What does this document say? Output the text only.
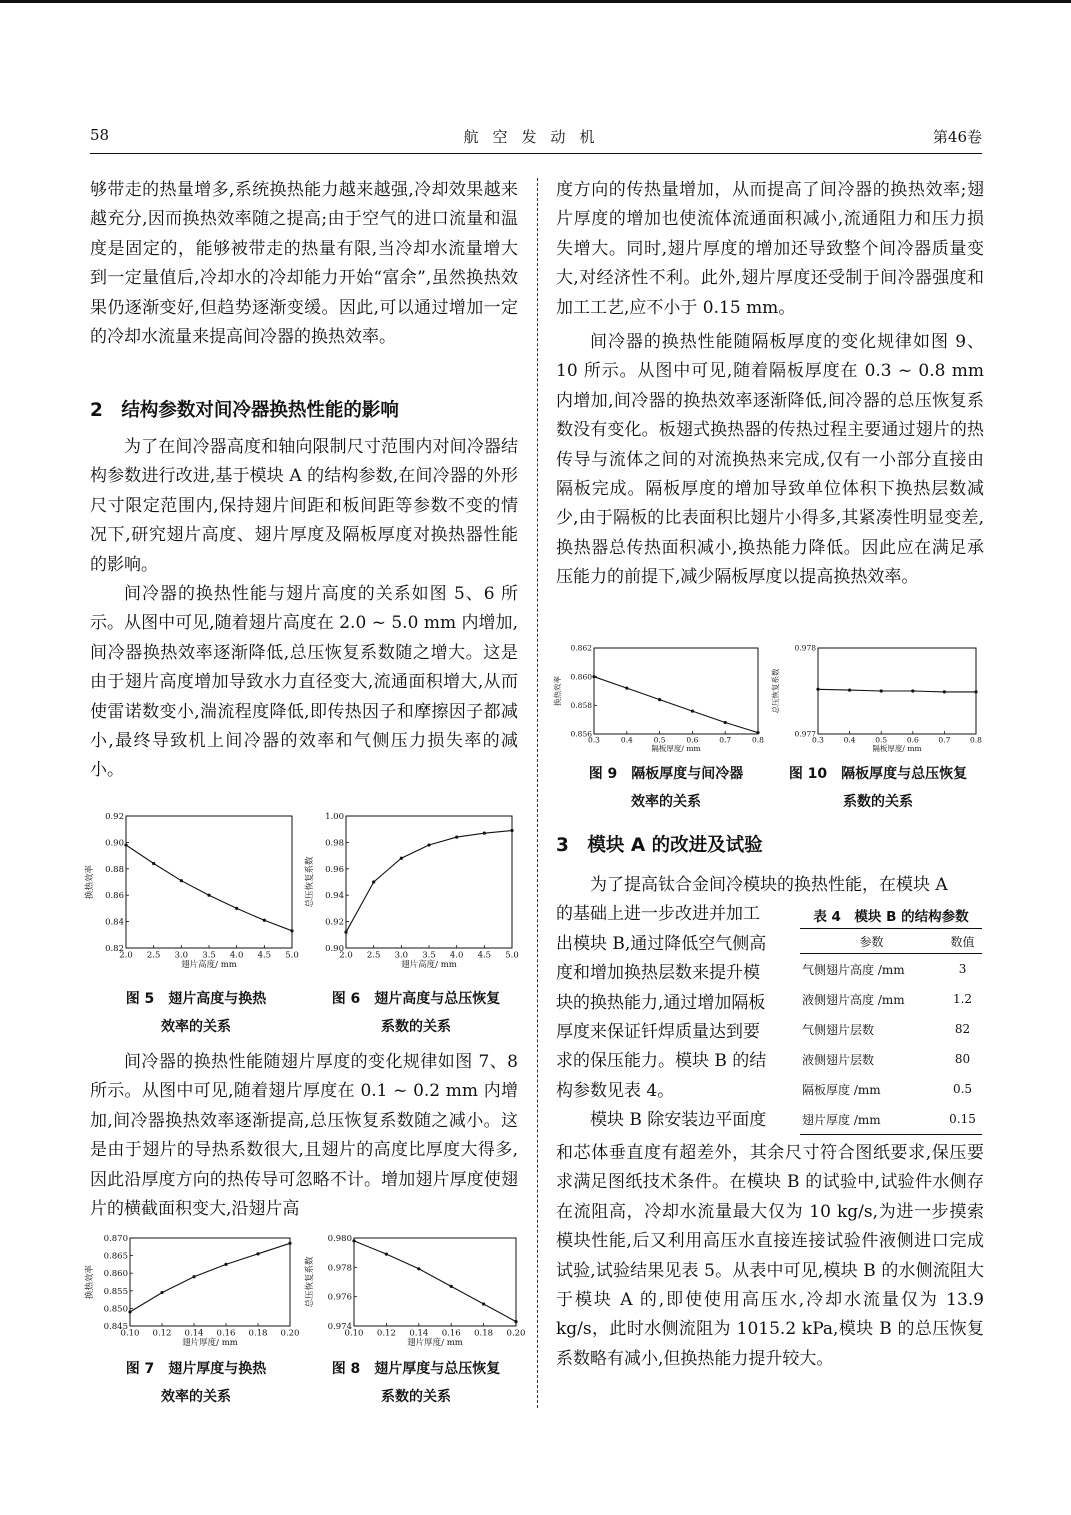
58	航空发动机	第46卷

够带走的热量增多,系统换热能力越来越强,冷却效果越来越充分,因而换热效率随之提高;由于空气的进口流量和温度是固定的，能够被带走的热量有限,当冷却水流量增大到一定量值后,冷却水的冷却能力开始“富余”,虽然换热效果仍逐渐变好,但趋势逐渐变缓。因此,可以通过增加一定的冷却水流量来提高间冷器的换热效率。

2　结构参数对间冷器换热性能的影响

为了在间冷器高度和轴向限制尺寸范围内对间冷器结构参数进行改进,基于模块 A 的结构参数,在间冷器的外形尺寸限定范围内,保持翅片间距和板间距等参数不变的情况下,研究翅片高度、翅片厚度及隔板厚度对换热器性能的影响。

间冷器的换热性能与翅片高度的关系如图 5、6 所示。从图中可见,随着翅片高度在 2.0 ~ 5.0 mm 内增加,间冷器换热效率逐渐降低,总压恢复系数随之增大。这是由于翅片高度增加导致水力直径变大,流通面积增大,从而使雷诺数变小,湍流程度降低,即传热因子和摩擦因子都减小,最终导致机上间冷器的效率和气侧压力损失率的减小。

2.0 2.5 3.0 3.5 4.0 4.5 5.0
0.82
0.84
0.86
0.88
0.90
0.92
翅片高度/ mm
换热效率
2.0 2.5 3.0 3.5 4.0 4.5 5.0
0.90
0.92
0.94
0.96
0.98
1.00
翅片高度/ mm
总压恢复系数
图 5　翅片高度与换热
效率的关系
图 6　翅片高度与总压恢复
系数的关系

间冷器的换热性能随翅片厚度的变化规律如图 7、8 所示。从图中可见,随着翅片厚度在 0.1 ~ 0.2 mm 内增加,间冷器换热效率逐渐提高,总压恢复系数随之减小。这是由于翅片的导热系数很大,且翅片的高度比厚度大得多,因此沿厚度方向的热传导可忽略不计。增加翅片厚度使翅片的横截面积变大,沿翅片高

0.10 0.12 0.14 0.16 0.18 0.20
0.845
0.850
0.855
0.860
0.865
0.870
翅片厚度/ mm
换热效率
0.10 0.12 0.14 0.16 0.18 0.20
0.974
0.976
0.978
0.980
翅片厚度/ mm
总压恢复系数
图 7　翅片厚度与换热
效率的关系
图 8　翅片厚度与总压恢复
系数的关系

度方向的传热量增加，从而提高了间冷器的换热效率;翅片厚度的增加也使流体流通面积减小,流通阻力和压力损失增大。同时,翅片厚度的增加还导致整个间冷器质量变大,对经济性不利。此外,翅片厚度还受制于间冷器强度和加工工艺,应不小于 0.15 mm。

间冷器的换热性能随隔板厚度的变化规律如图 9、10 所示。从图中可见,随着隔板厚度在 0.3 ~ 0.8 mm 内增加,间冷器的换热效率逐渐降低,间冷器的总压恢复系数没有变化。板翅式换热器的传热过程主要通过翅片的热传导与流体之间的对流换热来完成,仅有一小部分直接由隔板完成。隔板厚度的增加导致单位体积下换热层数减少,由于隔板的比表面积比翅片小得多,其紧凑性明显变差,换热器总传热面积减小,换热能力降低。因此应在满足承压能力的前提下,减少隔板厚度以提高换热效率。

0.3	0.4	0.5	0.6	0.7	0.8
0.856
0.858
0.860
0.862
隔板厚度/ mm
换热效率
0.3	0.4	0.5	0.6	0.7	0.8
0.977
0.978
隔板厚度/ mm
总压恢复系数
图 9　隔板厚度与间冷器
效率的关系
图 10　隔板厚度与总压恢复
系数的关系
3　模块 A 的改进及试验
为了提高钛合金间冷模块的换热性能，在模块 A
的基础上进一步改进并加工
出模块 B,通过降低空气侧高
度和增加换热层数来提升模
块的换热能力,通过增加隔板
厚度来保证钎焊质量达到要
求的保压能力。模块 B 的结
构参数见表 4。
模块 B 除安装边平面度

和芯体垂直度有超差外，其余尺寸符合图纸要求,保压要求满足图纸技术条件。在模块 B 的试验中,试验件水侧存在流阻高，冷却水流量最大仅为 10 kg/s,为进一步摸索模块性能,后又利用高压水直接连接试验件液侧进口完成试验,试验结果见表 5。从表中可见,模块 B 的水侧流阻大于模块 A 的,即使使用高压水,冷却水流量仅为 13.9 kg/s，此时水侧流阻为 1015.2 kPa,模块 B 的总压恢复系数略有减小,但换热能力提升较大。

表 4　模块 B 的结构参数
参数	数值
气侧翅片高度 /mm	3
液侧翅片高度 /mm	1.2
气侧翅片层数	82
液侧翅片层数	80
隔板厚度 /mm	0.5
翅片厚度 /mm	0.15
